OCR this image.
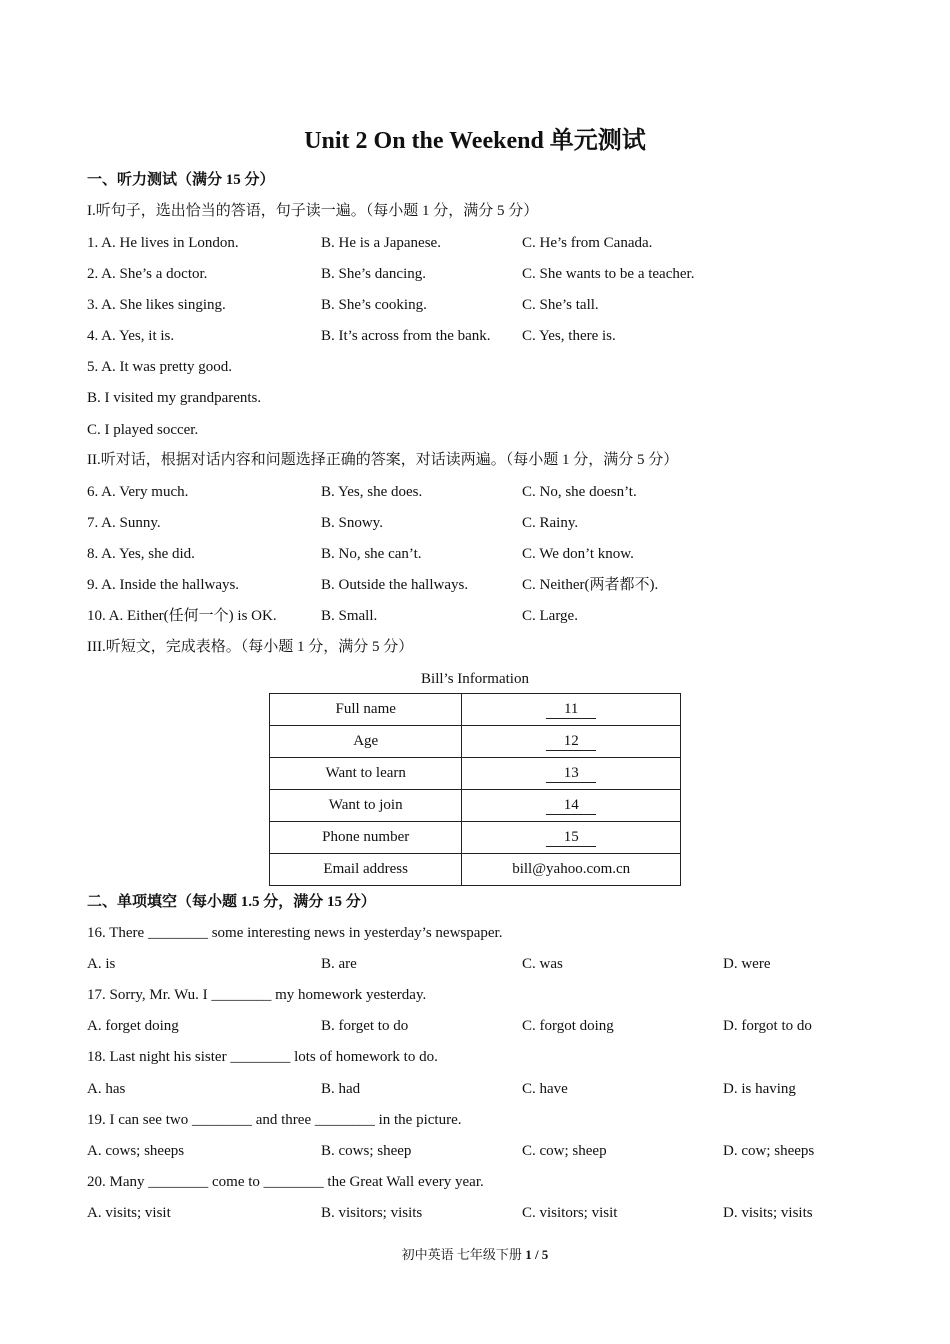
Unit 2 On the Weekend 单元测试
一、听力测试（满分 15 分）
I.听句子，选出恰当的答语，句子读一遍。（每小题 1 分，满分 5 分）
1. A. He lives in London.	B. He is a Japanese.	C. He’s from Canada.
2. A. She’s a doctor.	B. She’s dancing.	C. She wants to be a teacher.
3. A. She likes singing.	B. She’s cooking.	C. She’s tall.
4. A. Yes, it is.	B. It’s across from the bank. C. Yes, there is.
5. A. It was pretty good.
B. I visited my grandparents.
C. I played soccer.
II.听对话，根据对话内容和问题选择正确的答案，对话读两遍。（每小题 1 分，满分 5 分）
6. A. Very much.	B. Yes, she does.	C. No, she doesn’t.
7. A. Sunny.	B. Snowy.	C. Rainy.
8. A. Yes, she did.	B. No, she can’t.	C. We don’t know.
9. A. Inside the hallways.	B. Outside the hallways.	C. Neither(两者都不).
10. A. Either(任何一个) is OK.	B. Small.	C. Large.
III.听短文，完成表格。（每小题 1 分，满分 5 分）
Bill’s Information
Full name	11
Age	12
Want to learn	13
Want to join	14
Phone number	15
Email address	bill@yahoo.com.cn
二、单项填空（每小题 1.5 分，满分 15 分）
16. There ________ some interesting news in yesterday’s newspaper.
A. is	B. are	C. was	D. were
17. Sorry, Mr. Wu. I ________ my homework yesterday.
A. forget doing	B. forget to do	C. forgot doing	D. forgot to do
18. Last night his sister ________ lots of homework to do.
A. has	B. had	C. have	D. is having
19. I can see two ________ and three ________ in the picture.
A. cows; sheeps	B. cows; sheep	C. cow; sheep	D. cow; sheeps
20. Many ________ come to ________ the Great Wall every year.
A. visits; visit	B. visitors; visits	C. visitors; visit	D. visits; visits
初中英语 七年级下册 1 / 5
